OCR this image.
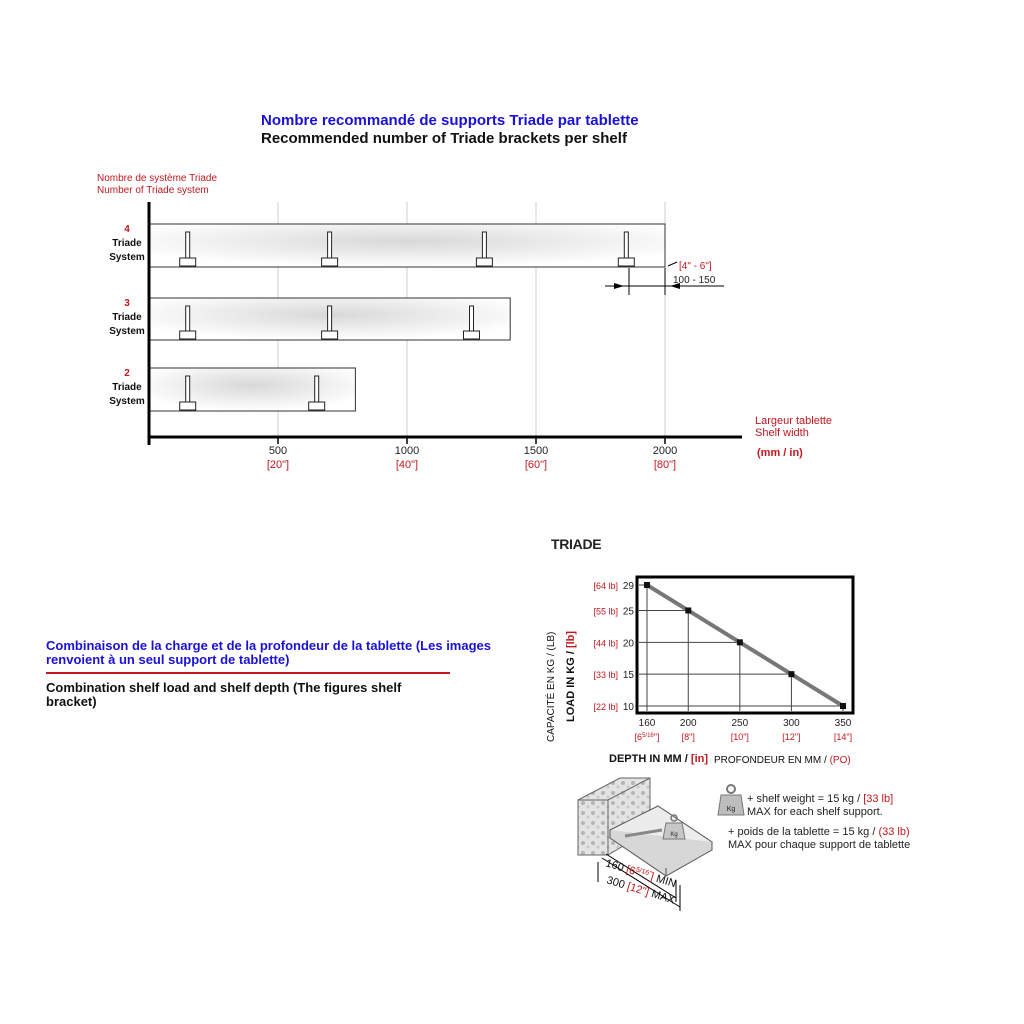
Nombre recommandé de supports Triade par tablette
Recommended number of Triade brackets per shelf
Nombre de système Triade
Number of Triade system
4
Triade System
3
Triade System
2
Triade System
500
[20"]
1000
[40"]
1500
[60"]
2000
[80"]
[4" - 6"]
100 - 150
Largeur tablette
Shelf width
(mm / in)
Combinaison de la charge et de la profondeur de la tablette (Les images renvoient à un seul support de tablette)
Combination shelf load and shelf depth (The figures shelf bracket)
TRIADE
29
[64 lb]
160
$[6^{5/16}"]$
25
[55 lb]
200
[8"]
20
[44 lb]
250
[10"]
15
[33 lb]
300
[12"]
10
[22 lb]
350
[14"]
CAPACITÉ EN KG / (LB) LOAD IN KG / [lb]
DEPTH IN MM / [in] PROFONDEUR EN MM / (PO)
Kg
+ shelf weight = 15 kg / [33 lb]
MAX for each shelf support.
+ poids de la tablette = 15 kg / (33 lb)
MAX pour chaque support de tablette
Kg
160 $[6^{5/16"}]$ MIN
300 [12"] MAX
